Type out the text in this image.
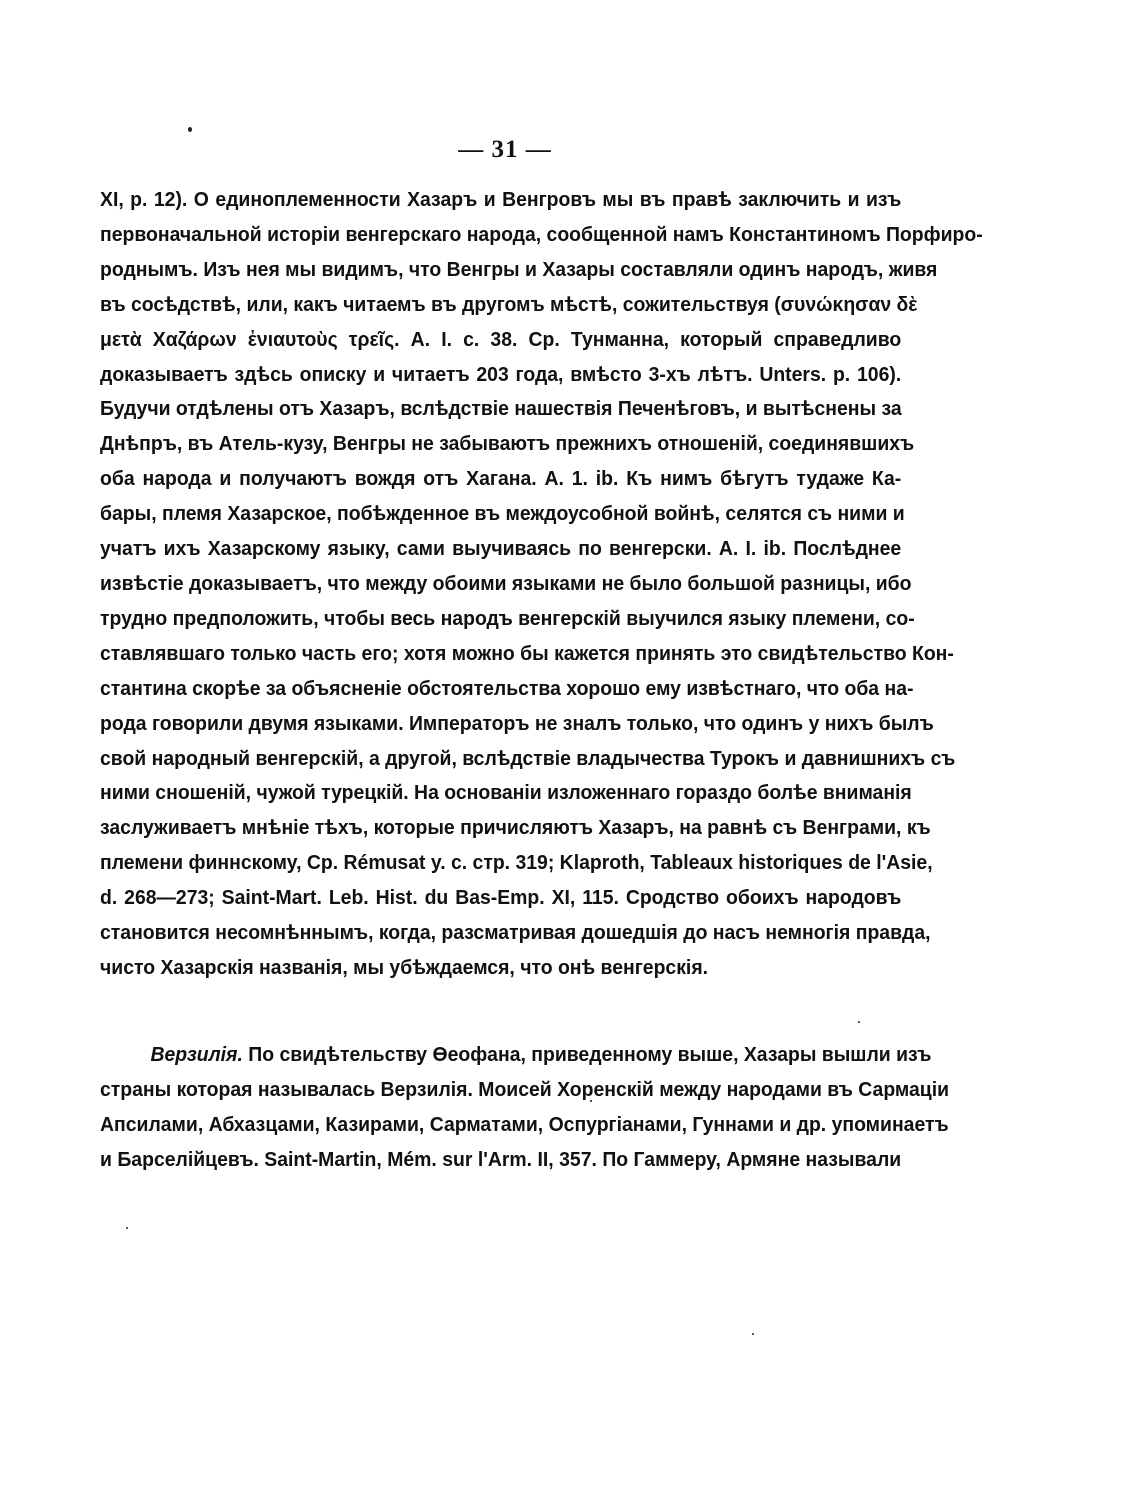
— 31 —
XI, p. 12). О единоплеменности Хазаръ и Венгровъ мы въ правѣ заключить и изъ
первоначальной исторіи венгерскаго народа, сообщенной намъ Константиномъ Порфиро-
роднымъ. Изъ нея мы видимъ, что Венгры и Хазары составляли одинъ народъ, живя
въ сосѣдствѣ, или, какъ читаемъ въ другомъ мѣстѣ, сожительствуя (συνώκησαν δὲ
μετὰ Χαζάρων ἐνιαυτοὺς τρεῖς. А. I. c. 38. Ср. Тунманна, который справедливо
доказываетъ здѣсь описку и читаетъ 203 года, вмѣсто 3-хъ лѣтъ. Unters. p. 106).
Будучи отдѣлены отъ Хазаръ, вслѣдствіе нашествія Печенѣговъ, и вытѣснены за
Днѣпръ, въ Атель-кузу, Венгры не забываютъ прежнихъ отношеній, соединявшихъ
оба народа и получаютъ вождя отъ Хагана. А. 1. ib. Къ нимъ бѣгутъ тудаже Ка-
бары, племя Хазарское, побѣжденное въ междоусобной войнѣ, селятся съ ними и
учатъ ихъ Хазарскому языку, сами выучиваясь по венгерски. А. I. ib. Послѣднее
извѣстіе доказываетъ, что между обоими языками не было большой разницы, ибо
трудно предположить, чтобы весь народъ венгерскій выучился языку племени, со-
ставлявшаго только часть его; хотя можно бы кажется принять это свидѣтельство Кон-
стантина скорѣе за объясненіе обстоятельства хорошо ему извѣстнаго, что оба на-
рода говорили двумя языками. Императоръ не зналъ только, что одинъ у нихъ былъ
свой народный венгерскій, а другой, вслѣдствіе владычества Турокъ и давнишнихъ съ
ними сношеній, чужой турецкій. На основаніи изложеннаго гораздо болѣе вниманія
заслуживаетъ мнѣніе тѣхъ, которые причисляютъ Хазаръ, на равнѣ съ Венграми, къ
племени финнскому, Ср. Rémusat y. c. стр. 319; Klaproth, Tableaux historiques de l'Asie,
d. 268—273; Saint-Mart. Leb. Hist. du Bas-Emp. XI, 115. Сродство обоихъ народовъ
становится несомнѣннымъ, когда, разсматривая дошедшія до насъ немногія правда,
чисто Хазарскія названія, мы убѣждаемся, что онѣ венгерскія.
Верзилія. По свидѣтельству Өеофана, приведенному выше, Хазары вышли изъ
страны которая называлась Верзилія. Моисей Хоренскій между народами въ Сармаціи
Апсилами, Абхазцами, Казирами, Сарматами, Оспургіанами, Гуннами и др. упоминаетъ
и Барселійцевъ. Saint-Martin, Mém. sur l'Arm. II, 357. По Гаммеру, Армяне называли
